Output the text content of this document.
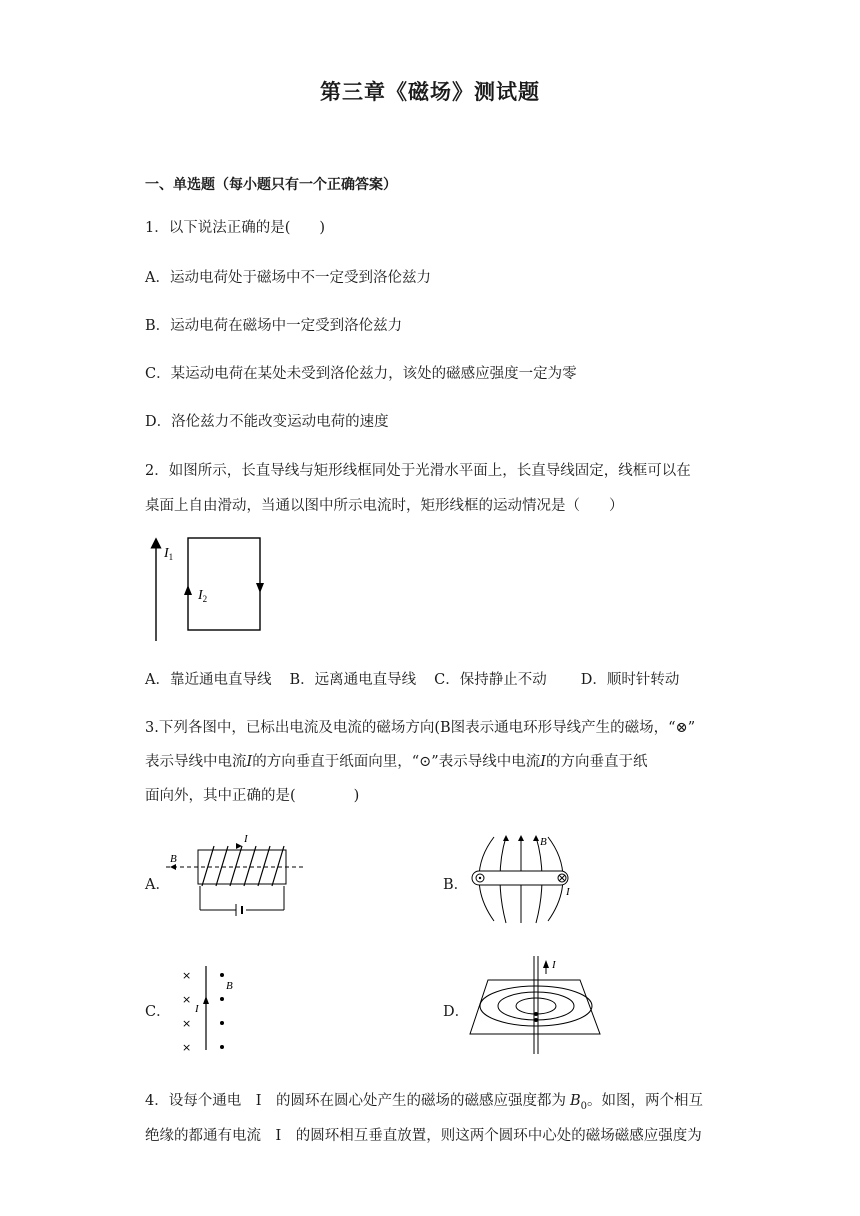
第三章《磁场》测试题
一、单选题（每小题只有一个正确答案）
1．以下说法正确的是(　　)
A．运动电荷处于磁场中不一定受到洛伦兹力
B．运动电荷在磁场中一定受到洛伦兹力
C．某运动电荷在某处未受到洛伦兹力，该处的磁感应强度一定为零
D．洛伦兹力不能改变运动电荷的速度
2．如图所示，长直导线与矩形线框同处于光滑水平面上，长直导线固定，线框可以在
桌面上自由滑动，当通以图中所示电流时，矩形线框的运动情况是（　　）
$I_1$
$I_2$
A．靠近通电直导线 B．远离通电直导线 C．保持静止不动 D．顺时针转动
3.下列各图中，已标出电流及电流的磁场方向(B图表示通电环形导线产生的磁场，“⊗”
表示导线中电流I的方向垂直于纸面向里，“⊙”表示导线中电流I的方向垂直于纸
面向外，其中正确的是(　　　　)
A．
I
B
B．
B
I
C．
×
×
×
×
B
I	D．
I
4．设每个通电　I　的圆环在圆心处产生的磁场的磁感应强度都为 $B_0$。如图，两个相互
绝缘的都通有电流　I　的圆环相互垂直放置，则这两个圆环中心处的磁场磁感应强度为
